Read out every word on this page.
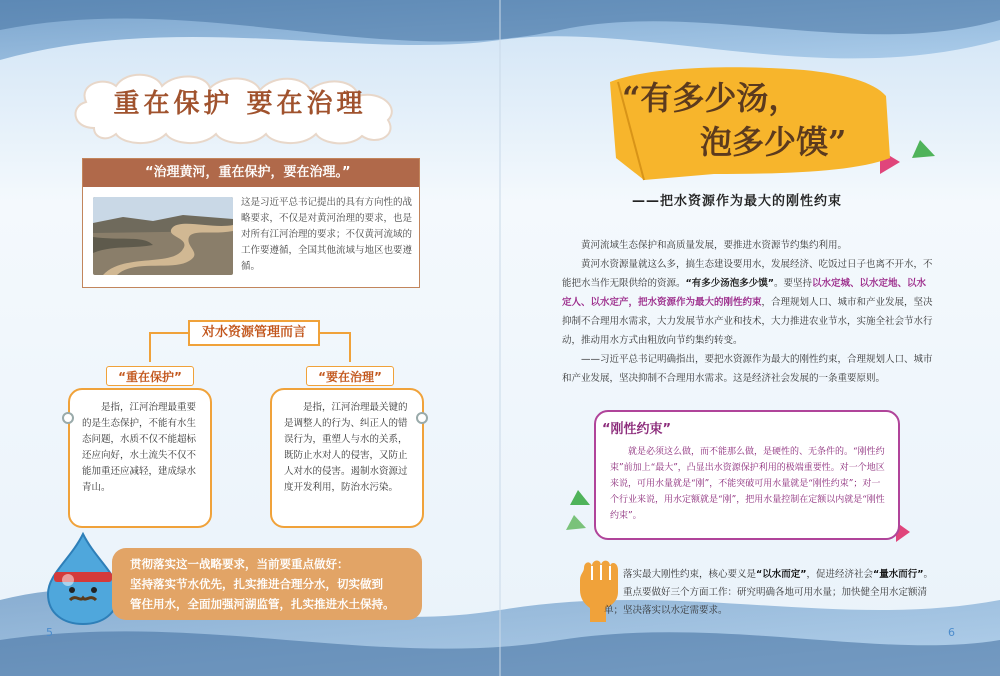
重在保护 要在治理
“治理黄河，重在保护，要在治理。”
这是习近平总书记提出的具有方向性的战略要求，不仅是对黄河治理的要求，也是对所有江河治理的要求；不仅黄河流域的工作要遵循，全国其他流域与地区也要遵循。
对水资源管理而言
“重在保护”	“要在治理”
是指，江河治理最重要的是生态保护，不能有水生态问题，水质不仅不能超标还应向好，水土流失不仅不能加重还应减轻，建成绿水青山。
是指，江河治理最关键的是调整人的行为、纠正人的错误行为，重塑人与水的关系，既防止水对人的侵害，又防止人对水的侵害。遏制水资源过度开发利用，防治水污染。
贯彻落实这一战略要求，当前要重点做好：
坚持落实节水优先，扎实推进合理分水，切实做到
管住用水，全面加强河湖监管，扎实推进水土保持。
5
“有多少汤，
泡多少馍”
——把水资源作为最大的刚性约束

黄河流域生态保护和高质量发展，要推进水资源节约集约利用。

黄河水资源量就这么多，搞生态建设要用水，发展经济、吃饭过日子也离不开水，不能把水当作无限供给的资源。“有多少汤泡多少馍”。要坚持以水定城、以水定地、以水定人、以水定产，把水资源作为最大的刚性约束，合理规划人口、城市和产业发展，坚决抑制不合理用水需求，大力发展节水产业和技术，大力推进农业节水，实施全社会节水行动，推动用水方式由粗放向节约集约转变。

——习近平总书记明确指出，要把水资源作为最大的刚性约束，合理规划人口、城市和产业发展，坚决抑制不合理用水需求。这是经济社会发展的一条重要原则。

“刚性约束”
就是必须这么做，而不能那么做，是硬性的、无条件的。“刚性约束”前加上“最大”，凸显出水资源保护利用的极端重要性。对一个地区来说，可用水量就是“刚”，不能突破可用水量就是“刚性约束”；对一个行业来说，用水定额就是“刚”，把用水量控制在定额以内就是“刚性约束”。

落实最大刚性约束，核心要义是“以水而定”，促进经济社会“量水而行”。

重点要做好三个方面工作：研究明确各地可用水量；加快健全用水定额清单；坚决落实以水定需要求。

6
